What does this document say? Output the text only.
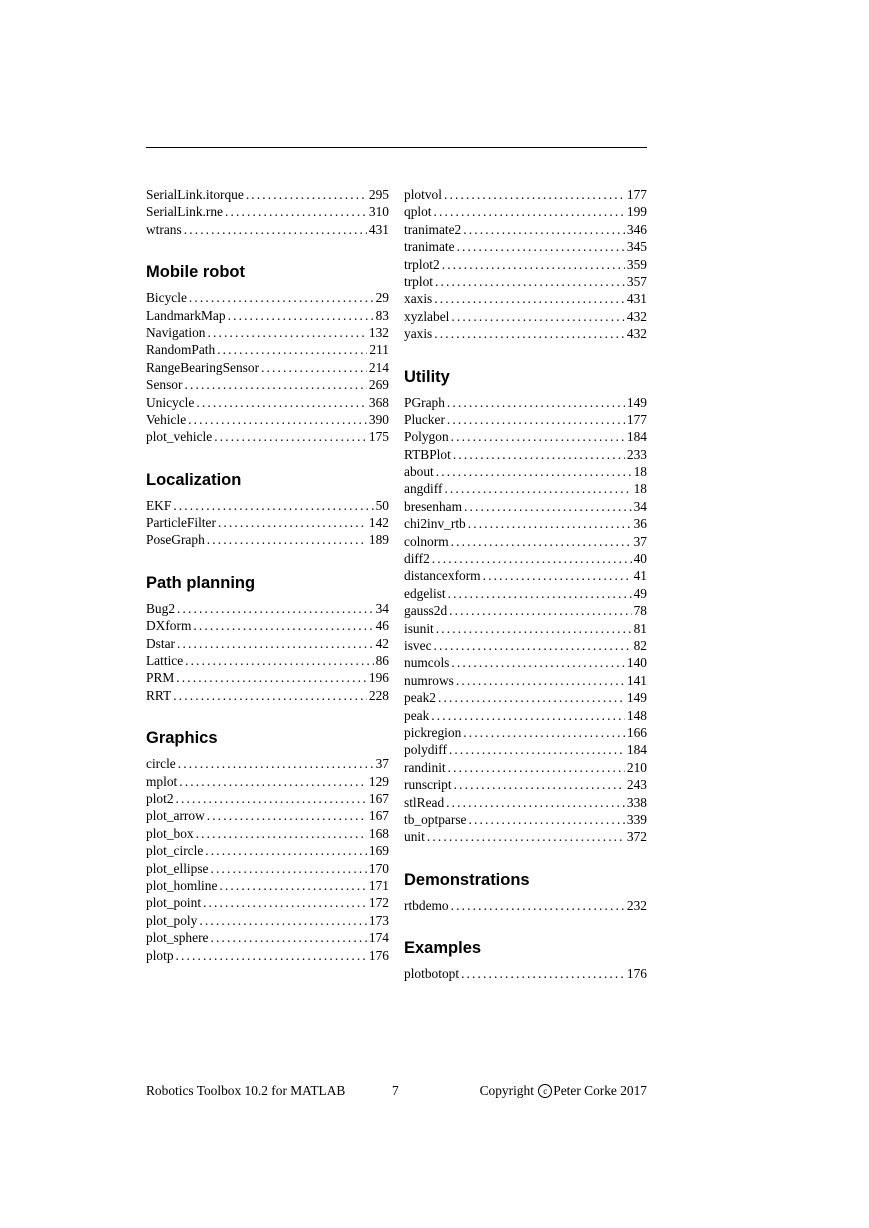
SerialLink.itorque . . .	295
SerialLink.rne . . .	310
wtrans . . .	431
Mobile robot
Bicycle . . .	29
LandmarkMap . . .	83
Navigation . . .	132
RandomPath . . .	211
RangeBearingSensor . . .	214
Sensor . . .	269
Unicycle . . .	368
Vehicle . . .	390
plot_vehicle . . .	175
Localization
EKF . . .	50
ParticleFilter . . .	142
PoseGraph . . .	189
Path planning
Bug2 . . .	34
DXform . . .	46
Dstar . . .	42
Lattice . . .	86
PRM . . .	196
RRT . . .	228
Graphics
circle . . .	37
mplot . . .	129
plot2 . . .	167
plot_arrow . . .	167
plot_box . . .	168
plot_circle . . .	169
plot_ellipse . . .	170
plot_homline . . .	171
plot_point . . .	172
plot_poly . . .	173
plot_sphere . . .	174
plotp . . .	176
plotvol . . .	177
qplot . . .	199
tranimate2 . . .	346
tranimate . . .	345
trplot2 . . .	359
trplot . . .	357
xaxis . . .	431
xyzlabel . . .	432
yaxis . . .	432
Utility
PGraph . . .	149
Plucker . . .	177
Polygon . . .	184
RTBPlot . . .	233
about . . .	18
angdiff . . .	18
bresenham . . .	34
chi2inv_rtb . . .	36
colnorm . . .	37
diff2 . . .	40
distancexform . . .	41
edgelist . . .	49
gauss2d . . .	78
isunit . . .	81
isvec . . .	82
numcols . . .	140
numrows . . .	141
peak2 . . .	149
peak . . .	148
pickregion . . .	166
polydiff . . .	184
randinit . . .	210
runscript . . .	243
stlRead . . .	338
tb_optparse . . .	339
unit . . .	372
Demonstrations
rtbdemo . . .	232
Examples
plotbotopt . . .	176
Robotics Toolbox 10.2 for MATLAB	7	Copyright c Peter Corke 2017
